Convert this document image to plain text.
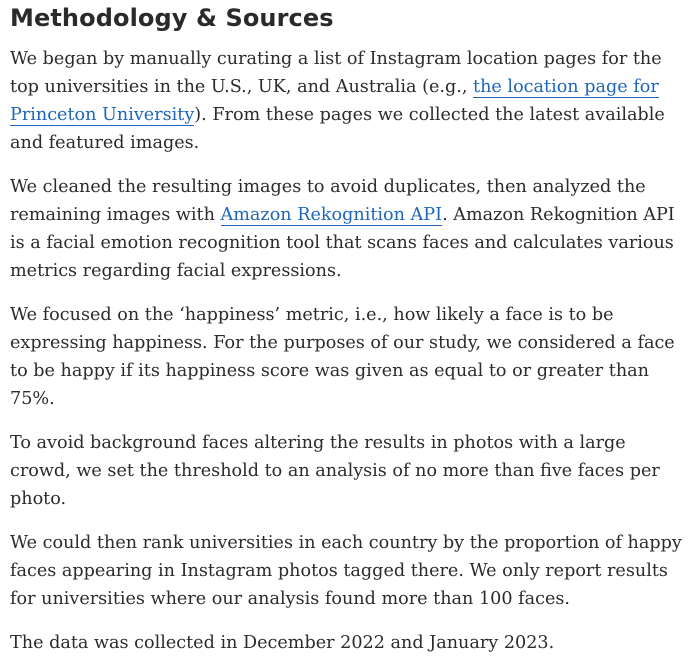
Methodology & Sources

We began by manually curating a list of Instagram location pages for the top universities in the U.S., UK, and Australia (e.g., the location page for Princeton University). From these pages we collected the latest available and featured images.

We cleaned the resulting images to avoid duplicates, then analyzed the remaining images with Amazon Rekognition API. Amazon Rekognition API is a facial emotion recognition tool that scans faces and calculates various metrics regarding facial expressions.

We focused on the ‘happiness’ metric, i.e., how likely a face is to be expressing happiness. For the purposes of our study, we considered a face to be happy if its happiness score was given as equal to or greater than 75%.

To avoid background faces altering the results in photos with a large crowd, we set the threshold to an analysis of no more than five faces per photo.

We could then rank universities in each country by the proportion of happy faces appearing in Instagram photos tagged there. We only report results for universities where our analysis found more than 100 faces.

The data was collected in December 2022 and January 2023.
